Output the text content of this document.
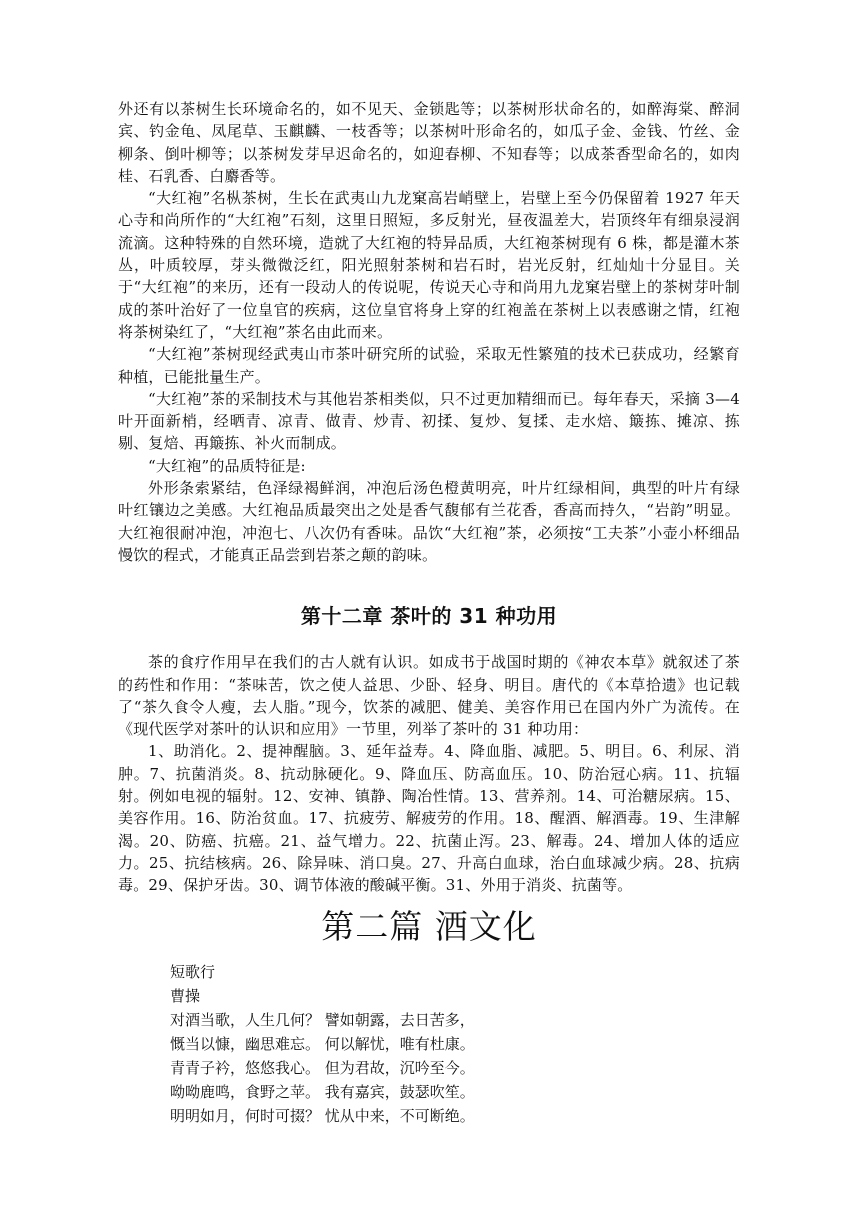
外还有以茶树生长环境命名的，如不见天、金锁匙等；以茶树形状命名的，如醉海棠、醉洞宾、钓金龟、凤尾草、玉麒麟、一枝香等；以茶树叶形命名的，如瓜子金、金钱、竹丝、金柳条、倒叶柳等；以茶树发芽早迟命名的，如迎春柳、不知春等；以成茶香型命名的，如肉桂、石乳香、白麝香等。

“大红袍”名枞茶树，生长在武夷山九龙窠高岩峭壁上，岩壁上至今仍保留着 1927 年天心寺和尚所作的“大红袍”石刻，这里日照短，多反射光，昼夜温差大，岩顶终年有细泉浸润流滴。这种特殊的自然环境，造就了大红袍的特异品质，大红袍茶树现有 6 株，都是灌木茶丛，叶质较厚，芽头微微泛红，阳光照射茶树和岩石时，岩光反射，红灿灿十分显目。关于“大红袍”的来历，还有一段动人的传说呢，传说天心寺和尚用九龙窠岩壁上的茶树芽叶制成的茶叶治好了一位皇官的疾病，这位皇官将身上穿的红袍盖在茶树上以表感谢之情，红袍将茶树染红了，“大红袍”茶名由此而来。

“大红袍”茶树现经武夷山市茶叶研究所的试验，采取无性繁殖的技术已获成功，经繁育种植，已能批量生产。

“大红袍”茶的采制技术与其他岩茶相类似，只不过更加精细而已。每年春天，采摘 3—4 叶开面新梢，经晒青、凉青、做青、炒青、初揉、复炒、复揉、走水焙、簸拣、摊凉、拣剔、复焙、再簸拣、补火而制成。

“大红袍”的品质特征是:

外形条索紧结，色泽绿褐鲜润，冲泡后汤色橙黄明亮，叶片红绿相间，典型的叶片有绿叶红镶边之美感。大红袍品质最突出之处是香气馥郁有兰花香，香高而持久，“岩韵”明显。大红袍很耐冲泡，冲泡七、八次仍有香味。品饮“大红袍”茶，必须按“工夫茶”小壶小杯细品慢饮的程式，才能真正品尝到岩茶之颠的韵味。

第十二章 茶叶的 31 种功用

茶的食疗作用早在我们的古人就有认识。如成书于战国时期的《神农本草》就叙述了茶的药性和作用：“茶味苦，饮之使人益思、少卧、轻身、明目。唐代的《本草拾遗》也记载了“茶久食令人瘦，去人脂。”现今，饮茶的减肥、健美、美容作用已在国内外广为流传。在《现代医学对茶叶的认识和应用》一节里，列举了茶叶的 31 种功用：

1、助消化。2、提神醒脑。3、延年益寿。4、降血脂、减肥。5、明目。6、利尿、消肿。7、抗菌消炎。8、抗动脉硬化。9、降血压、防高血压。10、防治冠心病。11、抗辐射。例如电视的辐射。12、安神、镇静、陶冶性情。13、营养剂。14、可治糖尿病。15、美容作用。16、防治贫血。17、抗疲劳、解疲劳的作用。18、醒酒、解酒毒。19、生津解渴。20、防癌、抗癌。21、益气增力。22、抗菌止泻。23、解毒。24、增加人体的适应力。25、抗结核病。26、除异味、消口臭。27、升高白血球，治白血球减少病。28、抗病毒。29、保护牙齿。30、调节体液的酸碱平衡。31、外用于消炎、抗菌等。

第二篇 酒文化
短歌行
曹操
对酒当歌，人生几何？ 譬如朝露，去日苦多，
慨当以慷，幽思难忘。 何以解忧，唯有杜康。
青青子衿，悠悠我心。 但为君故，沉吟至今。
呦呦鹿鸣，食野之苹。 我有嘉宾，鼓瑟吹笙。
明明如月，何时可掇？ 忧从中来，不可断绝。
